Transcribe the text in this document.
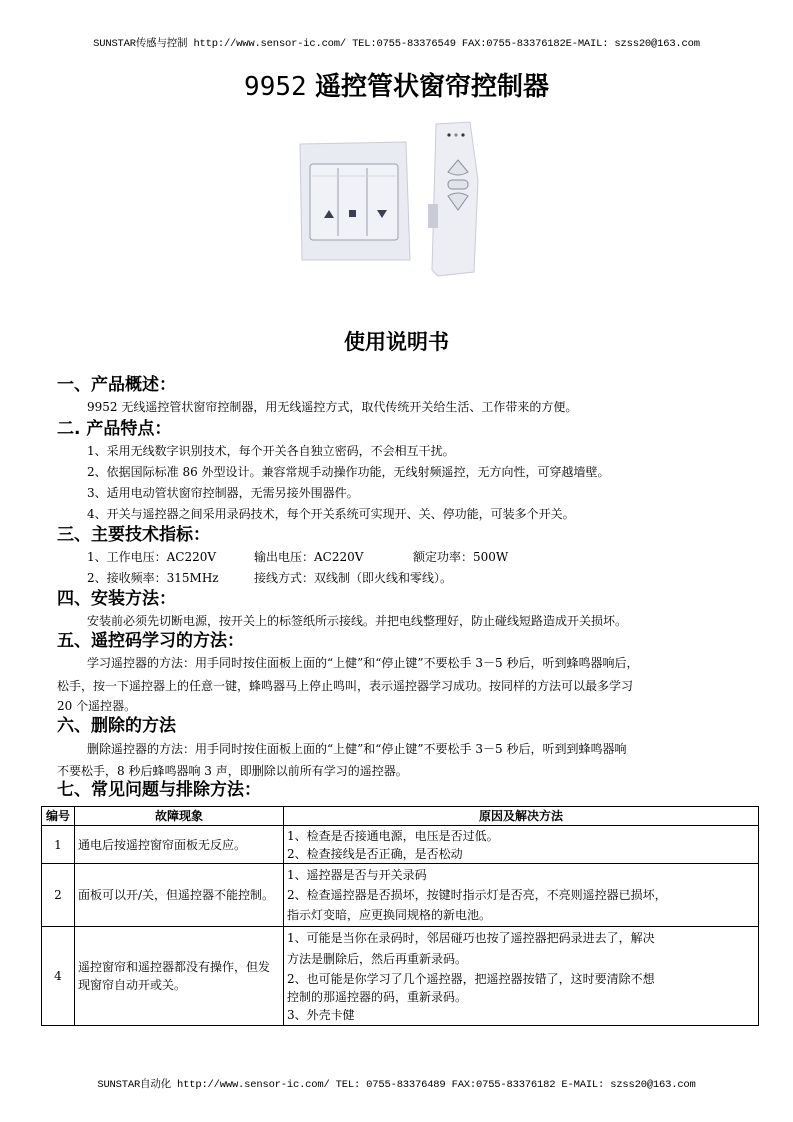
SUNSTAR传感与控制 http://www.sensor-ic.com/ TEL:0755-83376549 FAX:0755-83376182E-MAIL: szss20@163.com
9952 遥控管状窗帘控制器
使用说明书
一、产品概述：
9952 无线遥控管状窗帘控制器，用无线遥控方式，取代传统开关给生活、工作带来的方便。
二. 产品特点：
1、采用无线数字识别技术，每个开关各自独立密码，不会相互干扰。
2、依据国际标准 86 外型设计。兼容常规手动操作功能，无线射频遥控，无方向性，可穿越墙壁。
3、适用电动管状窗帘控制器，无需另接外围器件。
4、开关与遥控器之间采用录码技术，每个开关系统可实现开、关、停功能，可装多个开关。
三、主要技术指标：
1、工作电压：AC220V	输出电压：AC220V	额定功率：500W
2、接收频率：315MHz	接线方式：双线制（即火线和零线）。
四、安装方法：
安装前必须先切断电源，按开关上的标签纸所示接线。并把电线整理好，防止碰线短路造成开关损坏。
五、遥控码学习的方法：
学习遥控器的方法：用手同时按住面板上面的“上健”和“停止键”不要松手 3－5 秒后，听到蜂鸣器响后，
松手，按一下遥控器上的任意一键，蜂鸣器马上停止鸣叫，表示遥控器学习成功。按同样的方法可以最多学习
20 个遥控器。
六、删除的方法
删除遥控器的方法：用手同时按住面板上面的“上健”和“停止键”不要松手 3－5 秒后，听到到蜂鸣器响
不要松手，8 秒后蜂鸣器响 3 声，即删除以前所有学习的遥控器。
七、常见问题与排除方法：
编号	故障现象	原因及解决方法
1	通电后按遥控窗帘面板无反应。	1、检查是否接通电源，电压是否过低。
2、检查接线是否正确，是否松动

2	面板可以开/关，但遥控器不能控制。	1、遥控器是否与开关录码
2、检查遥控器是否损坏，按键时指示灯是否亮，不亮则遥控器已损坏，
指示灯变暗，应更换同规格的新电池。

4	遥控窗帘和遥控器都没有操作，但发现窗帘自动开或关。	1、可能是当你在录码时，邻居碰巧也按了遥控器把码录进去了，解决
方法是删除后，然后再重新录码。
2、也可能是你学习了几个遥控器，把遥控器按错了，这时要清除不想
控制的那遥控器的码，重新录码。
3、外壳卡健
SUNSTAR自动化 http://www.sensor-ic.com/ TEL: 0755-83376489 FAX:0755-83376182 E-MAIL: szss20@163.com
